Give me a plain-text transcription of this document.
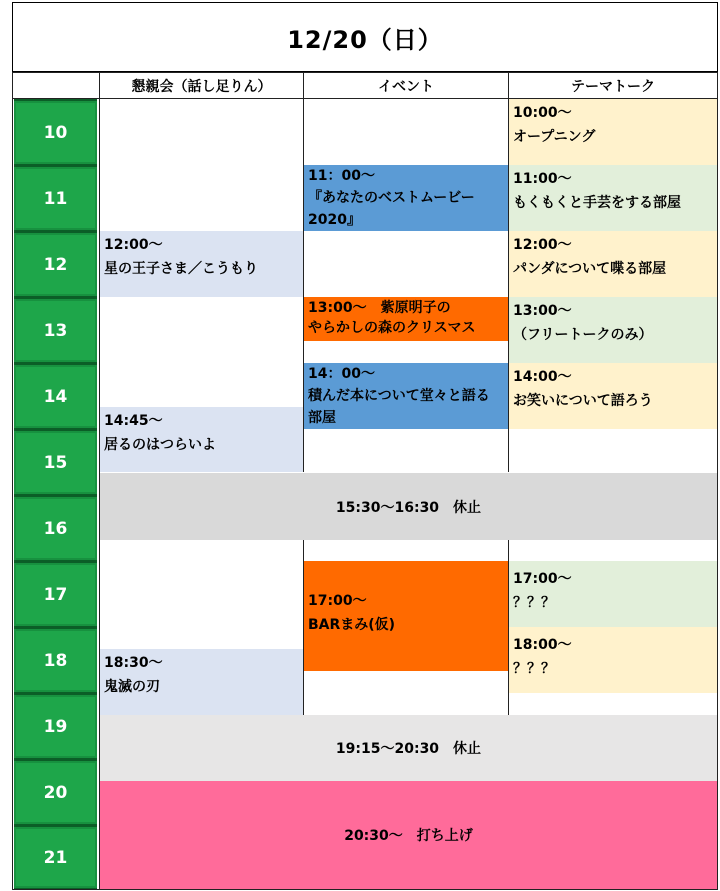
12/20（日）
懇親会（話し足りん）	イベント	テーマトーク
10
11
12
13
14
15
16
17
18
19
20
21
12:00～
星の王子さま／こうもり
14:45～
居るのはつらいよ
18:30～
鬼滅の刃
11：00～
『あなたのベストムービー
2020』
13:00～　紫原明子の
やらかしの森のクリスマス
14：00～
積んだ本について堂々と語る
部屋
17:00～
BARまみ(仮)
10:00～
オープニング
11:00～
もくもくと手芸をする部屋
12:00～
パンダについて喋る部屋
13:00～
（フリートークのみ）
14:00～
お笑いについて語ろう
17:00～
？？？
18:00～
？？？
15:30～16:30　休止
19:15～20:30　休止
20:30～　打ち上げ
